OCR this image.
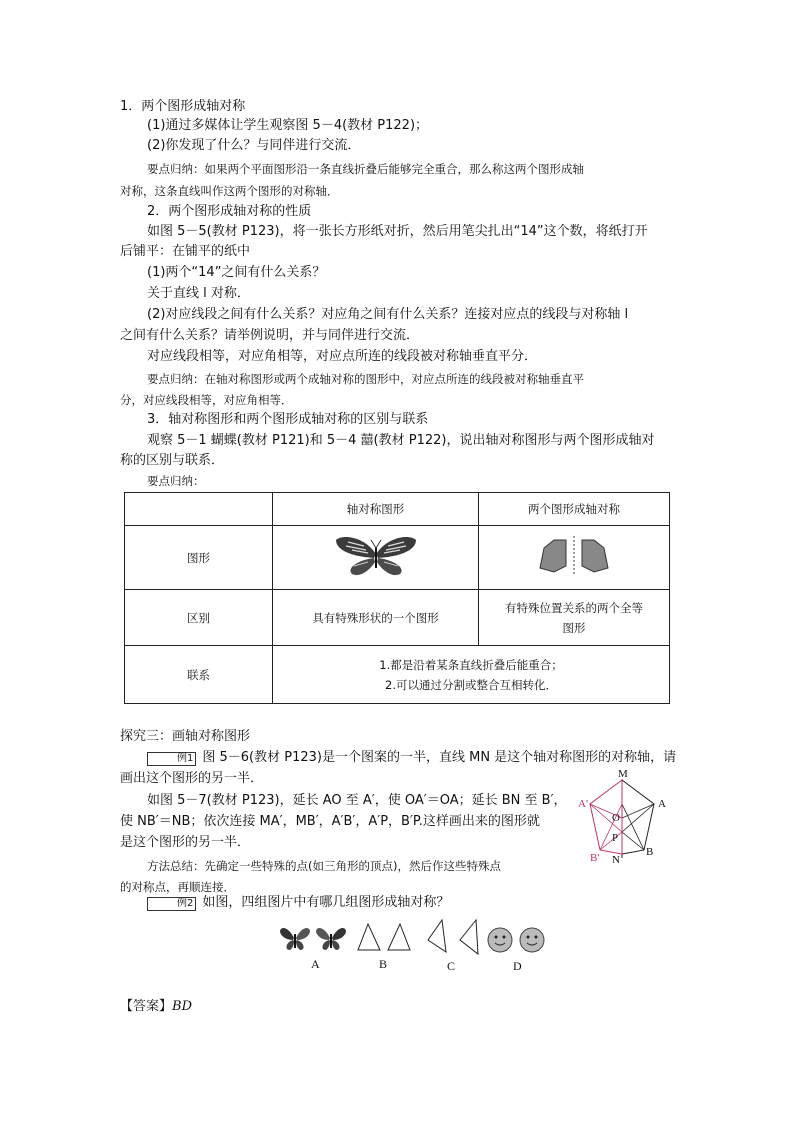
1．两个图形成轴对称
(1)通过多媒体让学生观察图 5－4(教材 P122)；
(2)你发现了什么？与同伴进行交流．
要点归纳：如果两个平面图形沿一条直线折叠后能够完全重合，那么称这两个图形成轴
对称，这条直线叫作这两个图形的对称轴．
2．两个图形成轴对称的性质
如图 5－5(教材 P123)，将一张长方形纸对折，然后用笔尖扎出“14”这个数，将纸打开
后铺平：在铺平的纸中
(1)两个“14”之间有什么关系？
关于直线 l 对称．
(2)对应线段之间有什么关系？对应角之间有什么关系？连接对应点的线段与对称轴 l
之间有什么关系？请举例说明，并与同伴进行交流．
对应线段相等，对应角相等，对应点所连的线段被对称轴垂直平分．
要点归纳：在轴对称图形或两个成轴对称的图形中，对应点所连的线段被对称轴垂直平
分，对应线段相等，对应角相等．
3．轴对称图形和两个图形成轴对称的区别与联系
观察 5－1 蝴蝶(教材 P121)和 5－4 囍(教材 P122)，说出轴对称图形与两个图形成轴对
称的区别与联系．
要点归纳：
	轴对称图形	两个图形成轴对称
图形		
区别	具有特殊形状的一个图形	有特殊位置关系的两个全等
图形

联系	1.都是沿着某条直线折叠后能重合；
2.可以通过分割或整合互相转化．	
探究三：画轴对称图形
例1 图 5－6(教材 P123)是一个图案的一半，直线 MN 是这个轴对称图形的对称轴，请
画出这个图形的另一半．
如图 5－7(教材 P123)，延长 AO 至 A′，使 OA′＝OA；延长 BN 至 B′，
使 NB′＝NB；依次连接 MA′，MB′，A′B′，A′P，B′P.这样画出来的图形就
是这个图形的另一半．
方法总结：先确定一些特殊的点(如三角形的顶点)，然后作这些特殊点
的对称点，再顺连接．
M
A
A′
O
P
B
B′ N
例2 如图，四组图片中有哪几组图形成轴对称？
A	B	C	D
【答案】BD
